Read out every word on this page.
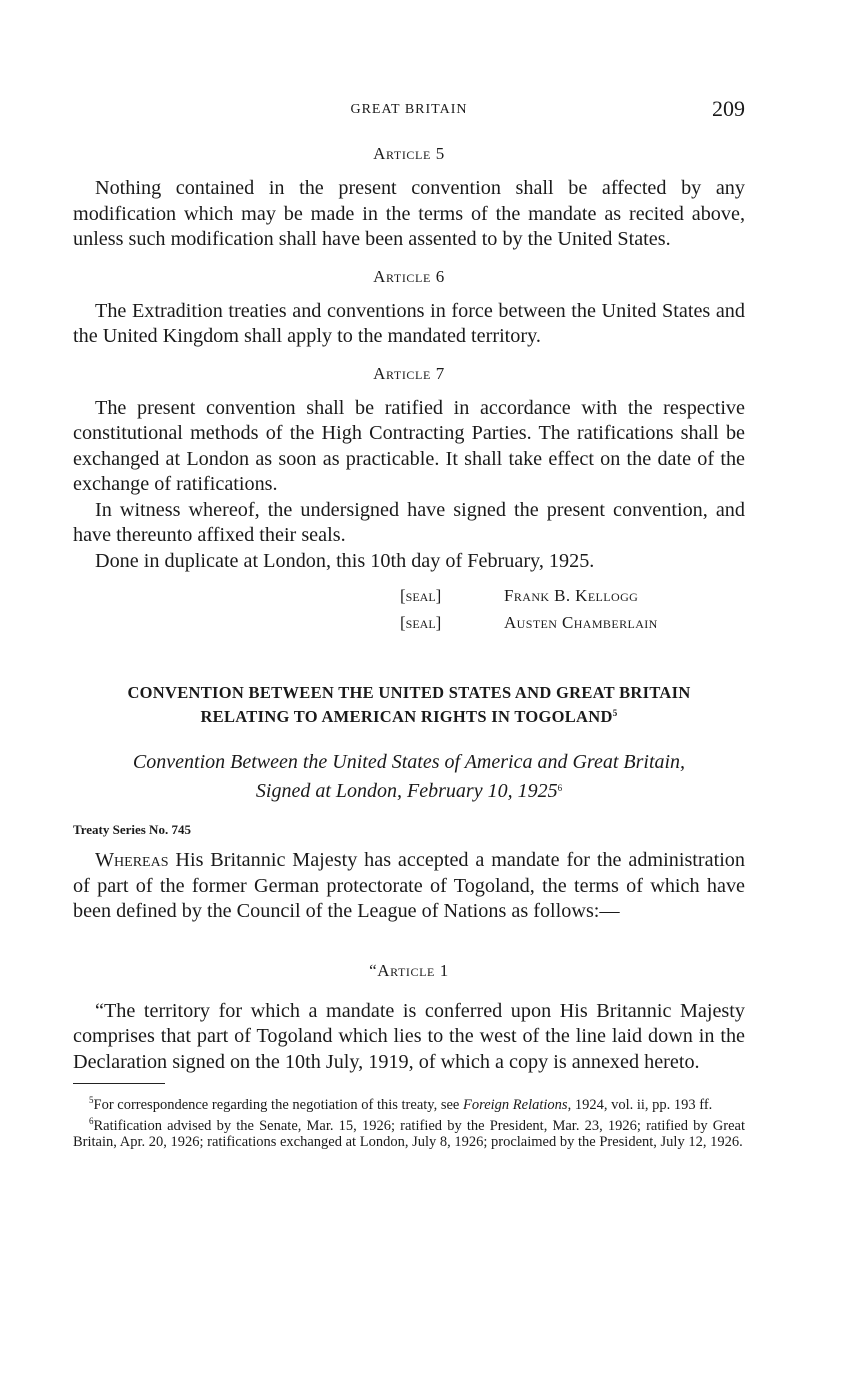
GREAT BRITAIN	209
Article 5

Nothing contained in the present convention shall be affected by any modification which may be made in the terms of the mandate as recited above, unless such modification shall have been assented to by the United States.

Article 6

The Extradition treaties and conventions in force between the United States and the United Kingdom shall apply to the mandated territory.

Article 7

The present convention shall be ratified in accordance with the respective constitutional methods of the High Contracting Parties. The ratifications shall be exchanged at London as soon as practicable. It shall take effect on the date of the exchange of ratifications.

In witness whereof, the undersigned have signed the present convention, and have thereunto affixed their seals.

Done in duplicate at London, this 10th day of February, 1925.

[seal]	Frank B. Kellogg
[seal]	Austen Chamberlain
CONVENTION BETWEEN THE UNITED STATES AND GREAT BRITAIN
RELATING TO AMERICAN RIGHTS IN TOGOLAND$^5$
Convention Between the United States of America and Great Britain,
Signed at London, February 10, 1925$^6$
Treaty Series No. 745

Whereas His Britannic Majesty has accepted a mandate for the administration of part of the former German protectorate of Togoland, the terms of which have been defined by the Council of the League of Nations as follows:—

“Article 1

“The territory for which a mandate is conferred upon His Britannic Majesty comprises that part of Togoland which lies to the west of the line laid down in the Declaration signed on the 10th July, 1919, of which a copy is annexed hereto.

$^5$For correspondence regarding the negotiation of this treaty, see Foreign Relations, 1924, vol. ii, pp. 193 ff.

$^6$Ratification advised by the Senate, Mar. 15, 1926; ratified by the President, Mar. 23, 1926; ratified by Great Britain, Apr. 20, 1926; ratifications exchanged at London, July 8, 1926; proclaimed by the President, July 12, 1926.
